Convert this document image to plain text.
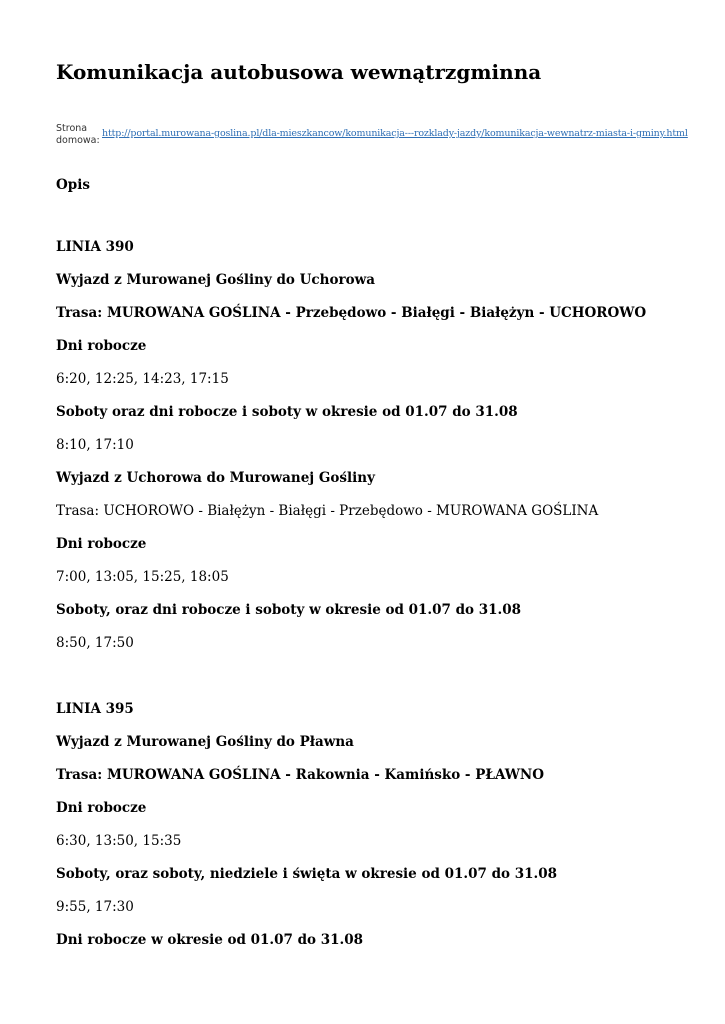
Komunikacja autobusowa wewnątrzgminna
Strona domowa:
http://portal.murowana-goslina.pl/dla-mieszkancow/komunikacja---rozklady-jazdy/komunikacja-wewnatrz-miasta-i-gminy.html
Opis
LINIA 390
Wyjazd z Murowanej Gośliny do Uchorowa
Trasa: MUROWANA GOŚLINA - Przebędowo - Białęgi - Białężyn - UCHOROWO
Dni robocze
6:20, 12:25, 14:23, 17:15
Soboty oraz dni robocze i soboty w okresie od 01.07 do 31.08
8:10, 17:10
Wyjazd z Uchorowa do Murowanej Gośliny
Trasa: UCHOROWO - Białężyn - Białęgi - Przebędowo - MUROWANA GOŚLINA
Dni robocze
7:00, 13:05, 15:25, 18:05
Soboty, oraz dni robocze i soboty w okresie od 01.07 do 31.08
8:50, 17:50
LINIA 395
Wyjazd z Murowanej Gośliny do Pławna
Trasa: MUROWANA GOŚLINA - Rakownia - Kamińsko - PŁAWNO
Dni robocze
6:30, 13:50, 15:35
Soboty, oraz soboty, niedziele i święta w okresie od 01.07 do 31.08
9:55, 17:30
Dni robocze w okresie od 01.07 do 31.08
